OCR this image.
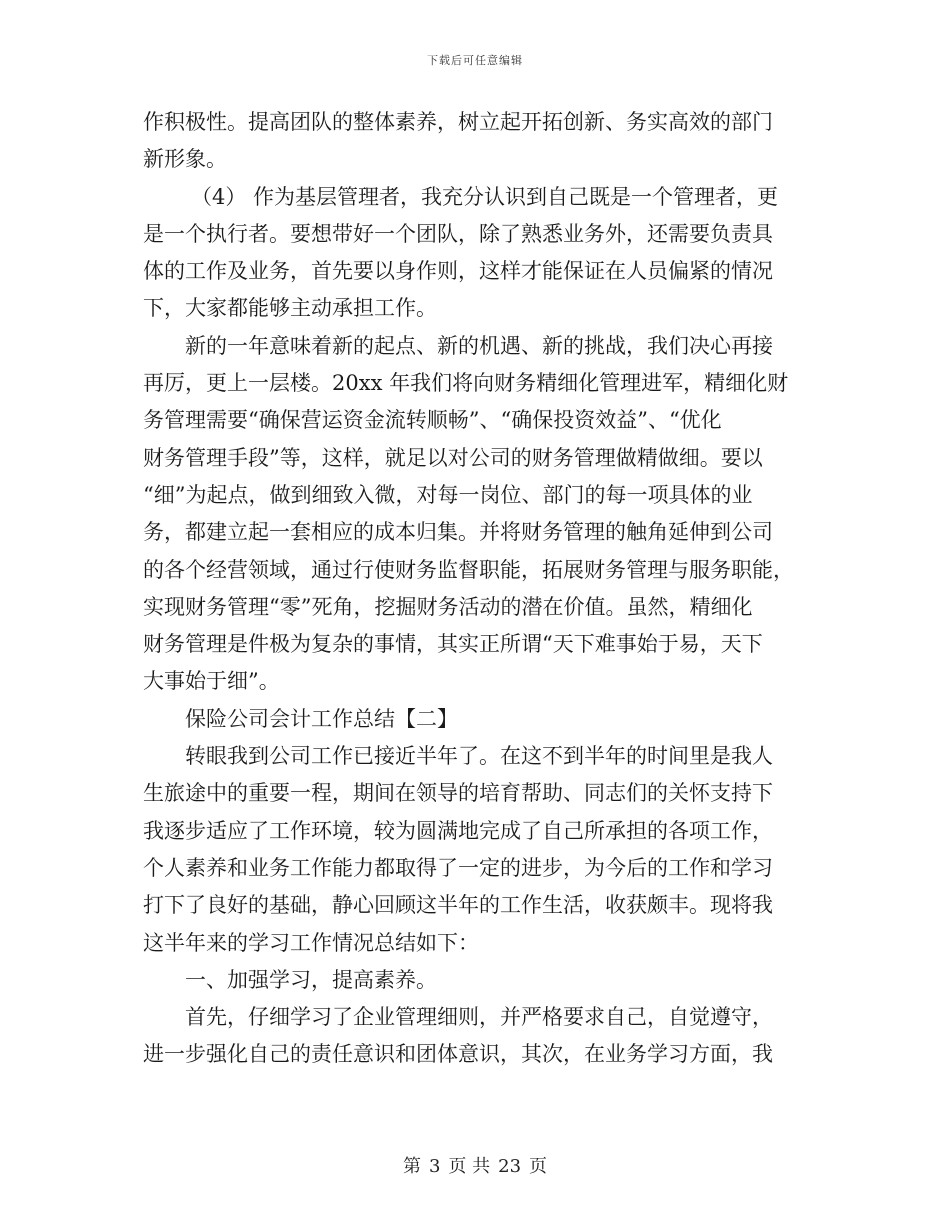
下载后可任意编辑
作积极性。提高团队的整体素养，树立起开拓创新、务实高效的部门
新形象。
（4） 作为基层管理者，我充分认识到自己既是一个管理者，更
是一个执行者。要想带好一个团队，除了熟悉业务外，还需要负责具
体的工作及业务，首先要以身作则，这样才能保证在人员偏紧的情况
下，大家都能够主动承担工作。
新的一年意味着新的起点、新的机遇、新的挑战，我们决心再接
再厉，更上一层楼。20xx 年我们将向财务精细化管理进军，精细化财
务管理需要“确保营运资金流转顺畅”、“确保投资效益”、“优化
财务管理手段”等，这样，就足以对公司的财务管理做精做细。要以
“细”为起点，做到细致入微，对每一岗位、部门的每一项具体的业
务，都建立起一套相应的成本归集。并将财务管理的触角延伸到公司
的各个经营领域，通过行使财务监督职能，拓展财务管理与服务职能，
实现财务管理“零”死角，挖掘财务活动的潜在价值。虽然，精细化
财务管理是件极为复杂的事情，其实正所谓“天下难事始于易，天下
大事始于细”。
保险公司会计工作总结【二】
转眼我到公司工作已接近半年了。在这不到半年的时间里是我人
生旅途中的重要一程，期间在领导的培育帮助、同志们的关怀支持下
我逐步适应了工作环境，较为圆满地完成了自己所承担的各项工作，
个人素养和业务工作能力都取得了一定的进步，为今后的工作和学习
打下了良好的基础，静心回顾这半年的工作生活，收获颇丰。现将我
这半年来的学习工作情况总结如下：
一、加强学习，提高素养。
首先，仔细学习了企业管理细则，并严格要求自己，自觉遵守，
进一步强化自己的责任意识和团体意识，其次，在业务学习方面，我
第 3 页 共 23 页
